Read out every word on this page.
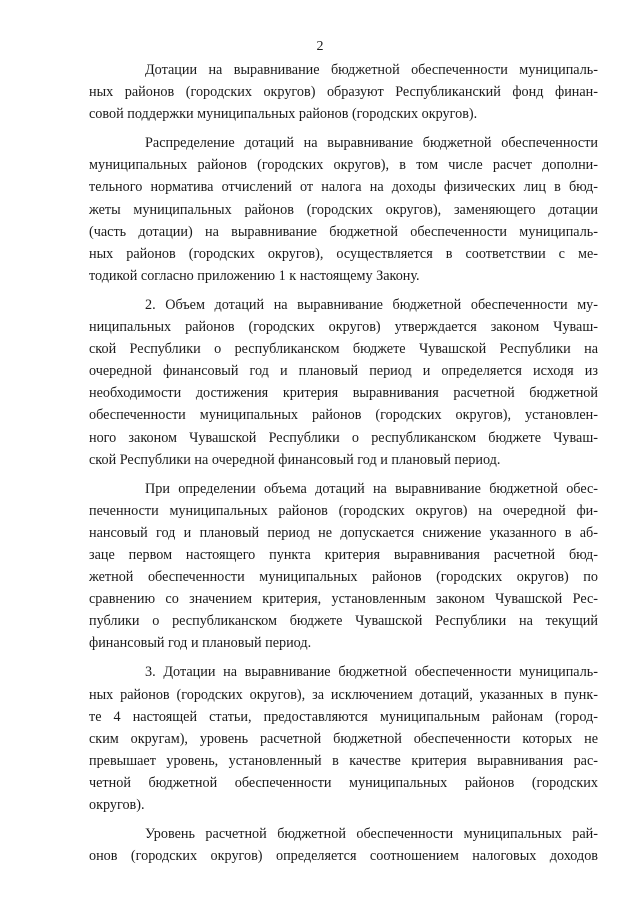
2

Дотации на выравнивание бюджетной обеспеченности муниципаль-
ных районов (городских округов) образуют Республиканский фонд финан-
совой поддержки муниципальных районов (городских округов).

Распределение дотаций на выравнивание бюджетной обеспеченности
муниципальных районов (городских округов), в том числе расчет дополни-
тельного норматива отчислений от налога на доходы физических лиц в бюд-
жеты муниципальных районов (городских округов), заменяющего дотации
(часть дотации) на выравнивание бюджетной обеспеченности муниципаль-
ных районов (городских округов), осуществляется в соответствии с ме-
тодикой согласно приложению 1 к настоящему Закону.

2. Объем дотаций на выравнивание бюджетной обеспеченности му-
ниципальных районов (городских округов) утверждается законом Чуваш-
ской Республики о республиканском бюджете Чувашской Республики на
очередной финансовый год и плановый период и определяется исходя из
необходимости достижения критерия выравнивания расчетной бюджетной
обеспеченности муниципальных районов (городских округов), установлен-
ного законом Чувашской Республики о республиканском бюджете Чуваш-
ской Республики на очередной финансовый год и плановый период.

При определении объема дотаций на выравнивание бюджетной обес-
печенности муниципальных районов (городских округов) на очередной фи-
нансовый год и плановый период не допускается снижение указанного в аб-
заце первом настоящего пункта критерия выравнивания расчетной бюд-
жетной обеспеченности муниципальных районов (городских округов) по
сравнению со значением критерия, установленным законом Чувашской Рес-
публики о республиканском бюджете Чувашской Республики на текущий
финансовый год и плановый период.

3. Дотации на выравнивание бюджетной обеспеченности муниципаль-
ных районов (городских округов), за исключением дотаций, указанных в пунк-
те 4 настоящей статьи, предоставляются муниципальным районам (город-
ским округам), уровень расчетной бюджетной обеспеченности которых не
превышает уровень, установленный в качестве критерия выравнивания рас-
четной бюджетной обеспеченности муниципальных районов (городских
округов).

Уровень расчетной бюджетной обеспеченности муниципальных рай-
онов (городских округов) определяется соотношением налоговых доходов
